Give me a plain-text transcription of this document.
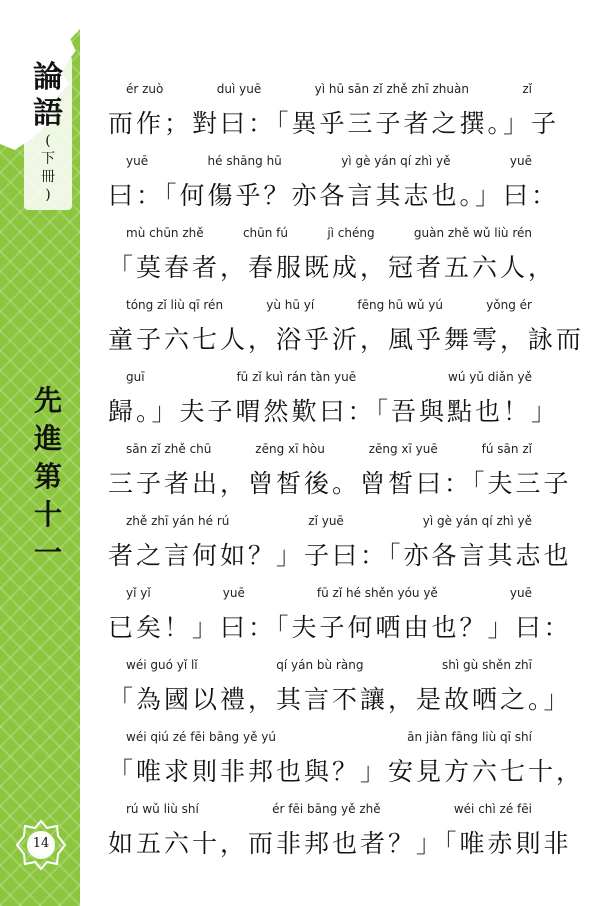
論
語
(
下
冊
)
先
進
第
十
一
14
ér zuò	duì yuē	yì hū sān zǐ zhě zhī zhuàn	zǐ
而作；對曰：「異乎三子者之撰。」子
yuē	hé shāng hū	yì gè yán qí zhì yě	yuē
曰：「何傷乎？亦各言其志也。」曰：
mù chūn zhě	chūn fú	jì chéng	guàn zhě wǔ liù rén
「莫春者，春服既成，冠者五六人，
tóng zǐ liù qī rén	yù hū yí	fēng hū wǔ yú	yǒng ér
童子六七人，浴乎沂，風乎舞雩，詠而
guī	fū zǐ kuì rán tàn yuē	wú yǔ diǎn yě
歸。」夫子喟然歎曰：「吾與點也！」
sān zǐ zhě chū	zēng xī hòu	zēng xī yuē	fú sān zǐ
三子者出，曾皙後。曾皙曰：「夫三子
zhě zhī yán hé rú	zǐ yuē	yì gè yán qí zhì yě
者之言何如？」子曰：「亦各言其志也
yǐ yǐ	yuē	fū zǐ hé shěn yóu yě	yuē
已矣！」曰：「夫子何哂由也？」曰：
wéi guó yǐ lǐ	qí yán bù ràng	shì gù shěn zhī
「為國以禮，其言不讓，是故哂之。」
wéi qiú zé fēi bāng yě yú	ān jiàn fāng liù qī shí
「唯求則非邦也與？」安見方六七十，
rú wǔ liù shí	ér fēi bāng yě zhě	wéi chì zé fēi
如五六十，而非邦也者？」「唯赤則非
